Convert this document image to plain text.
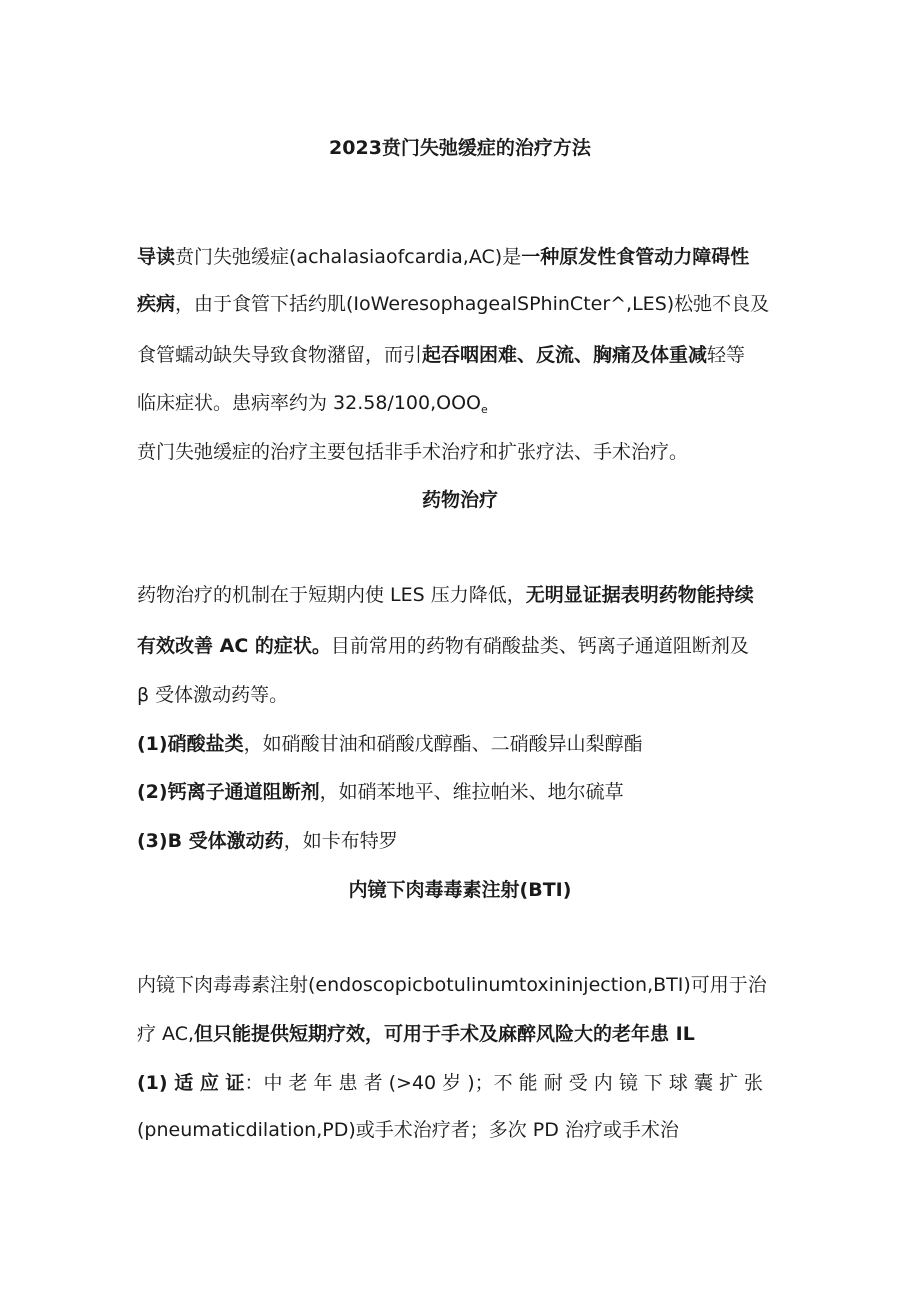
2023贲门失弛缓症的治疗方法
导读贲门失弛缓症(achalasiaofcardia,AC)是一种原发性食管动力障碍性
疾病，由于食管下括约肌(IoWeresophagealSPhinCter^,LES)松弛不良及
食管蠕动缺失导致食物潴留，而引起吞咽困难、反流、胸痛及体重减轻等
临床症状。患病率约为 $32.58/100,OOO_e$
贲门失弛缓症的治疗主要包括非手术治疗和扩张疗法、手术治疗。
药物治疗
药物治疗的机制在于短期内使 LES 压力降低，无明显证据表明药物能持续
有效改善 AC 的症状。目前常用的药物有硝酸盐类、钙离子通道阻断剂及
β 受体激动药等。
(1)硝酸盐类，如硝酸甘油和硝酸戊醇酯、二硝酸异山梨醇酯
(2)钙离子通道阻断剂，如硝苯地平、维拉帕米、地尔硫草
(3)B 受体激动药，如卡布特罗
内镜下肉毒毒素注射(BTI)
内镜下肉毒毒素注射(endoscopicbotulinumtoxininjection,BTI)可用于治
疗 AC,但只能提供短期疗效，可用于手术及麻醉风险大的老年患 IL
(1) 适 应 证：中 老 年 患 者 (>40 岁 )；不 能 耐 受 内 镜 下 球 囊 扩 张
(pneumaticdilation,PD)或手术治疗者；多次 PD 治疗或手术治
